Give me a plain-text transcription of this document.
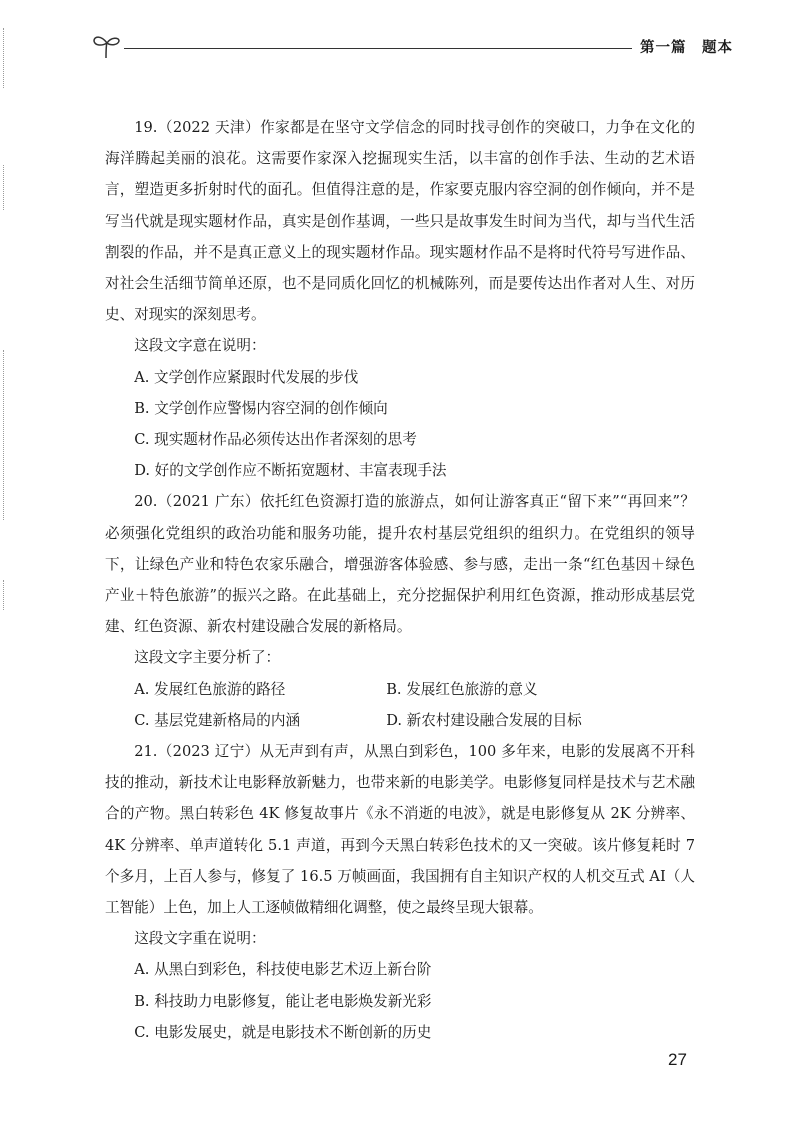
第一篇　题本

19.（2022 天津）作家都是在坚守文学信念的同时找寻创作的突破口，力争在文化的海洋腾起美丽的浪花。这需要作家深入挖掘现实生活，以丰富的创作手法、生动的艺术语言，塑造更多折射时代的面孔。但值得注意的是，作家要克服内容空洞的创作倾向，并不是写当代就是现实题材作品，真实是创作基调，一些只是故事发生时间为当代，却与当代生活割裂的作品，并不是真正意义上的现实题材作品。现实题材作品不是将时代符号写进作品、对社会生活细节简单还原，也不是同质化回忆的机械陈列，而是要传达出作者对人生、对历史、对现实的深刻思考。

这段文字意在说明：

A. 文学创作应紧跟时代发展的步伐

B. 文学创作应警惕内容空洞的创作倾向

C. 现实题材作品必须传达出作者深刻的思考

D. 好的文学创作应不断拓宽题材、丰富表现手法

20.（2021 广东）依托红色资源打造的旅游点，如何让游客真正“留下来”“再回来”？必须强化党组织的政治功能和服务功能，提升农村基层党组织的组织力。在党组织的领导下，让绿色产业和特色农家乐融合，增强游客体验感、参与感，走出一条“红色基因＋绿色产业＋特色旅游”的振兴之路。在此基础上，充分挖掘保护利用红色资源，推动形成基层党建、红色资源、新农村建设融合发展的新格局。

这段文字主要分析了：

A. 发展红色旅游的路径	B. 发展红色旅游的意义
C. 基层党建新格局的内涵	D. 新农村建设融合发展的目标

21.（2023 辽宁）从无声到有声，从黑白到彩色，100 多年来，电影的发展离不开科技的推动，新技术让电影释放新魅力，也带来新的电影美学。电影修复同样是技术与艺术融合的产物。黑白转彩色 4K 修复故事片《永不消逝的电波》，就是电影修复从 2K 分辨率、4K 分辨率、单声道转化 5.1 声道，再到今天黑白转彩色技术的又一突破。该片修复耗时 7 个多月，上百人参与，修复了 16.5 万帧画面，我国拥有自主知识产权的人机交互式 AI（人工智能）上色，加上人工逐帧做精细化调整，使之最终呈现大银幕。

这段文字重在说明：

A. 从黑白到彩色，科技使电影艺术迈上新台阶

B. 科技助力电影修复，能让老电影焕发新光彩

C. 电影发展史，就是电影技术不断创新的历史

27
